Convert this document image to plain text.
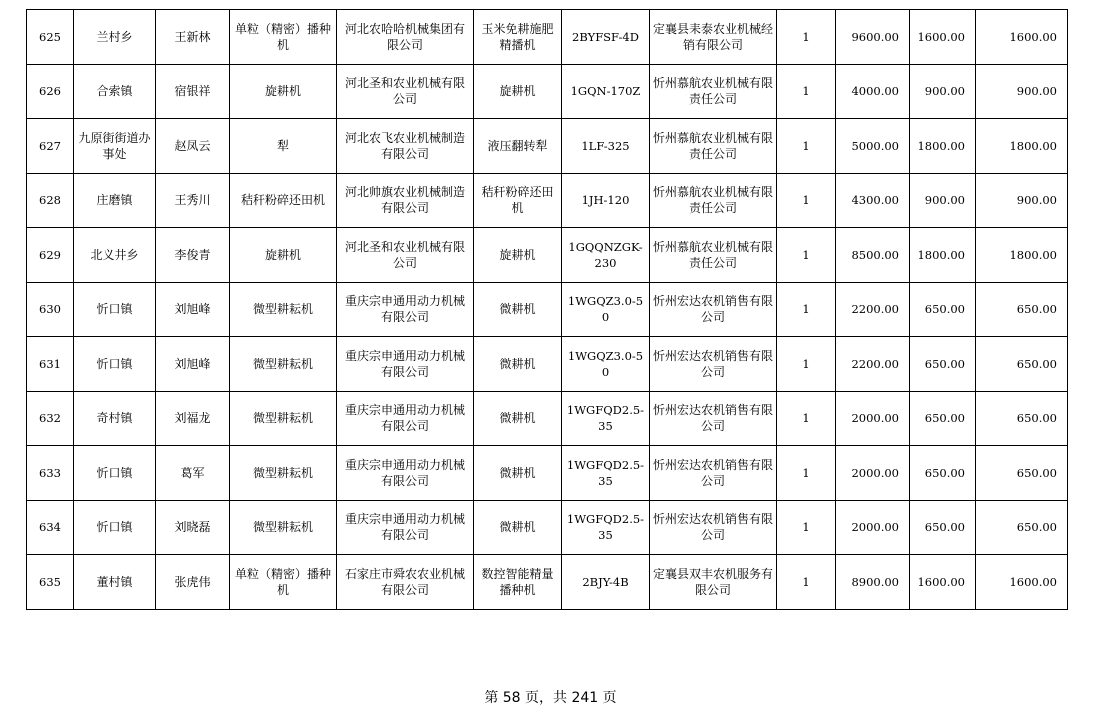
625	兰村乡	王新林	单粒（精密）播种机	河北农哈哈机械集团有限公司	玉米免耕施肥精播机	2BYFSF-4D	定襄县耒泰农业机械经销有限公司	1	9600.00	1600.00	1600.00
626	合索镇	宿银祥	旋耕机	河北圣和农业机械有限公司	旋耕机	1GQN-170Z	忻州慕航农业机械有限责任公司	1	4000.00	900.00	900.00
627	九原街街道办事处	赵凤云	犁	河北农飞农业机械制造有限公司	液压翻转犁	1LF-325	忻州慕航农业机械有限责任公司	1	5000.00	1800.00	1800.00
628	庄磨镇	王秀川	秸秆粉碎还田机	河北帅旗农业机械制造有限公司	秸秆粉碎还田机	1JH-120	忻州慕航农业机械有限责任公司	1	4300.00	900.00	900.00
629	北义井乡	李俊青	旋耕机	河北圣和农业机械有限公司	旋耕机	1GQQNZGK-230	忻州慕航农业机械有限责任公司	1	8500.00	1800.00	1800.00
630	忻口镇	刘旭峰	微型耕耘机	重庆宗申通用动力机械有限公司	微耕机	1WGQZ3.0-50	忻州宏达农机销售有限公司	1	2200.00	650.00	650.00
631	忻口镇	刘旭峰	微型耕耘机	重庆宗申通用动力机械有限公司	微耕机	1WGQZ3.0-50	忻州宏达农机销售有限公司	1	2200.00	650.00	650.00
632	奇村镇	刘福龙	微型耕耘机	重庆宗申通用动力机械有限公司	微耕机	1WGFQD2.5-35	忻州宏达农机销售有限公司	1	2000.00	650.00	650.00
633	忻口镇	葛军	微型耕耘机	重庆宗申通用动力机械有限公司	微耕机	1WGFQD2.5-35	忻州宏达农机销售有限公司	1	2000.00	650.00	650.00
634	忻口镇	刘晓磊	微型耕耘机	重庆宗申通用动力机械有限公司	微耕机	1WGFQD2.5-35	忻州宏达农机销售有限公司	1	2000.00	650.00	650.00
635	董村镇	张虎伟	单粒（精密）播种机	石家庄市舜农农业机械有限公司	数控智能精量播种机	2BJY-4B	定襄县双丰农机服务有限公司	1	8900.00	1600.00	1600.00
第 58 页，共 241 页
